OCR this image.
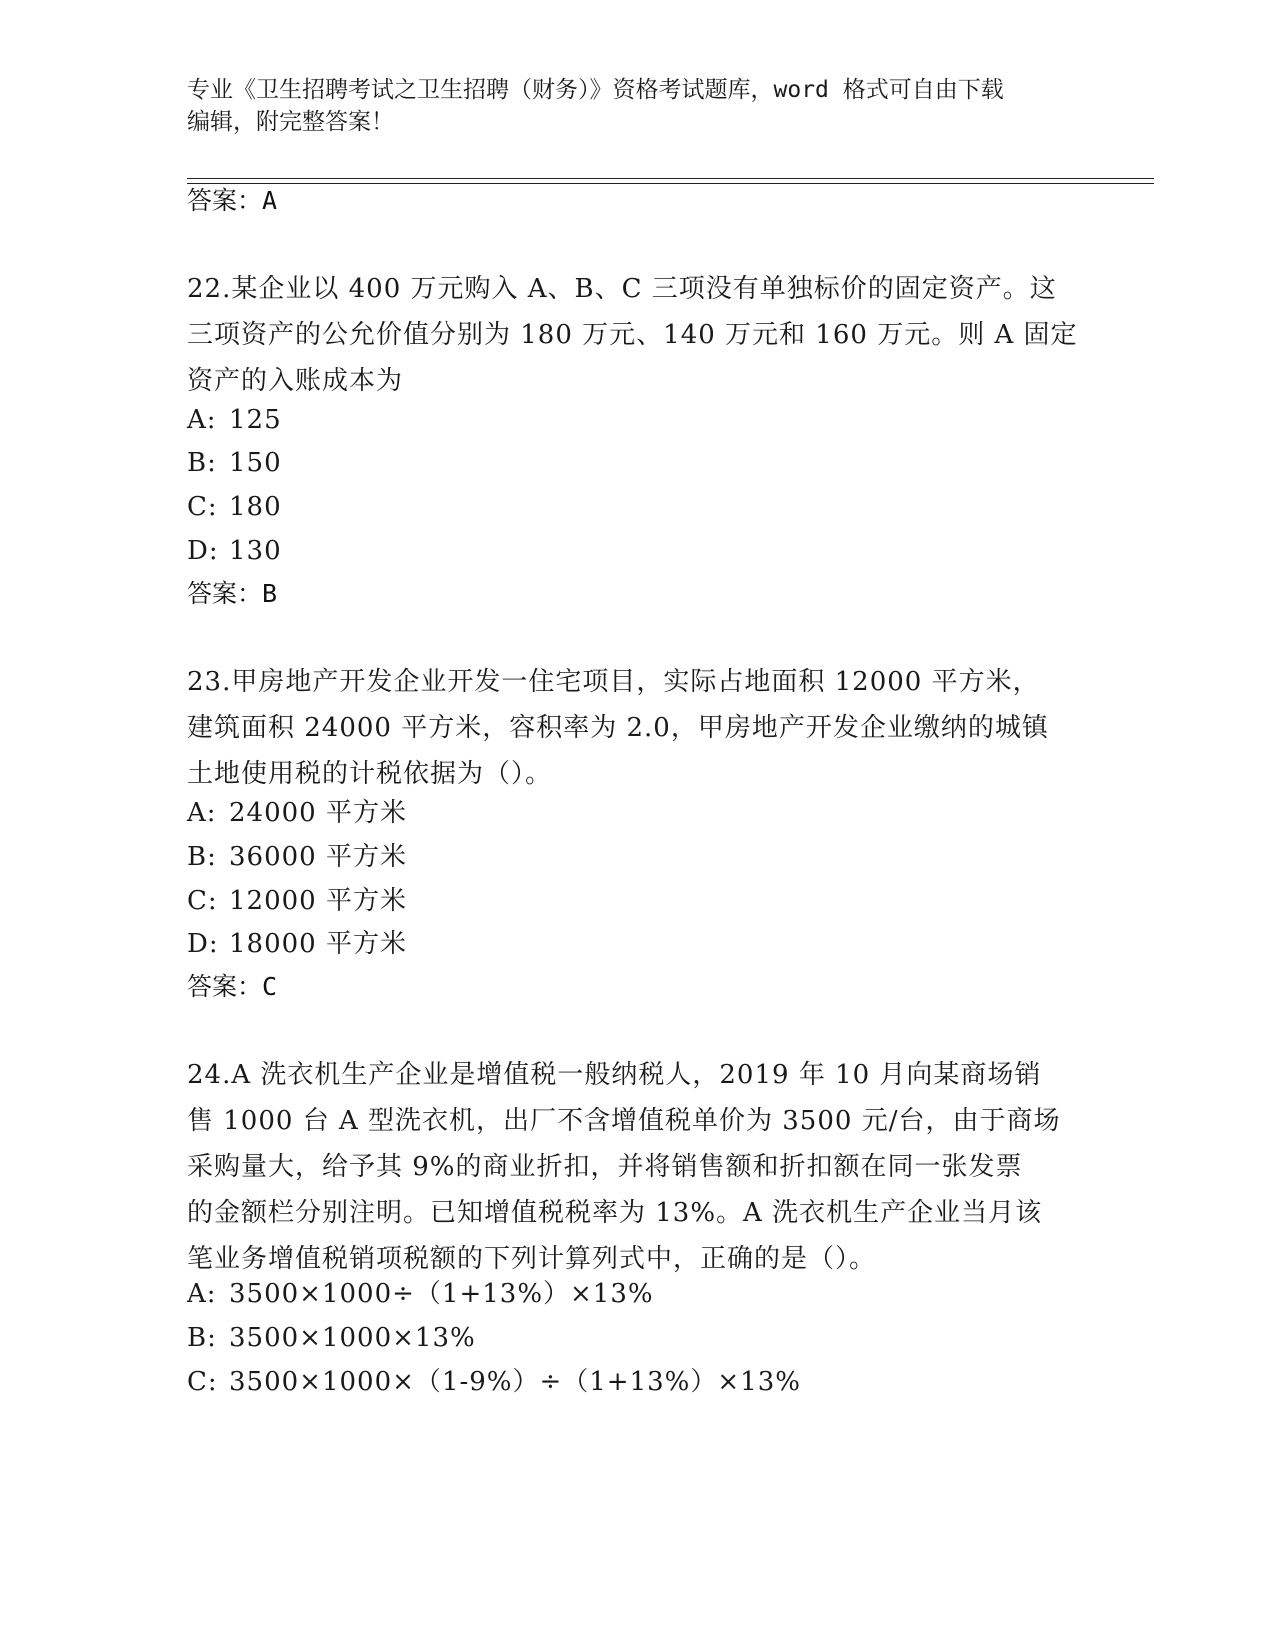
专业《卫生招聘考试之卫生招聘（财务）》资格考试题库，word 格式可自由下载
编辑，附完整答案！
答案：A
22.某企业以 400 万元购入 A、B、C 三项没有单独标价的固定资产。这
三项资产的公允价值分别为 180 万元、140 万元和 160 万元。则 A 固定
资产的入账成本为
A: 125
B: 150
C: 180
D: 130
答案：B
23.甲房地产开发企业开发一住宅项目，实际占地面积 12000 平方米，
建筑面积 24000 平方米，容积率为 2.0，甲房地产开发企业缴纳的城镇
土地使用税的计税依据为（）。
A: 24000 平方米
B: 36000 平方米
C: 12000 平方米
D: 18000 平方米
答案：C
24.A 洗衣机生产企业是增值税一般纳税人，2019 年 10 月向某商场销
售 1000 台 A 型洗衣机，出厂不含增值税单价为 3500 元/台，由于商场
采购量大，给予其 9%的商业折扣，并将销售额和折扣额在同一张发票
的金额栏分别注明。已知增值税税率为 13%。A 洗衣机生产企业当月该
笔业务增值税销项税额的下列计算列式中，正确的是（）。
A: 3500×1000÷（1+13%）×13%
B: 3500×1000×13%
C: 3500×1000×（1-9%）÷（1+13%）×13%
